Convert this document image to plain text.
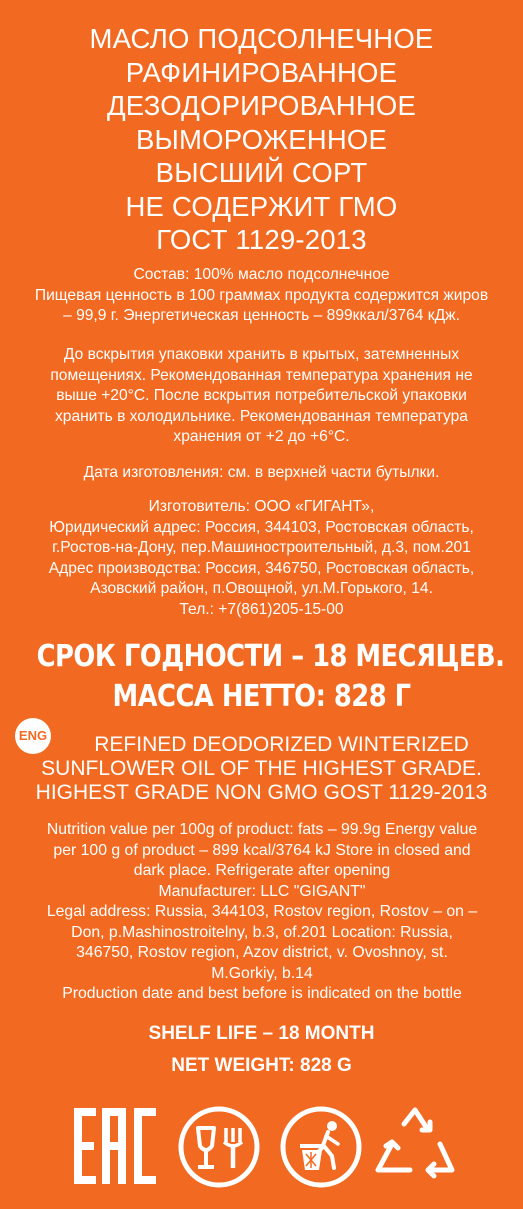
МАСЛО ПОДСОЛНЕЧНОЕ
РАФИНИРОВАННОЕ
ДЕЗОДОРИРОВАННОЕ
ВЫМОРОЖЕННОЕ
ВЫСШИЙ СОРТ
НЕ СОДЕРЖИТ ГМО
ГОСТ 1129-2013
Состав: 100% масло подсолнечное
Пищевая ценность в 100 граммах продукта содержится жиров
– 99,9 г. Энергетическая ценность – 899ккал/3764 кДж.
До вскрытия упаковки хранить в крытых, затемненных
помещениях. Рекомендованная температура хранения не
выше +20°С. После вскрытия потребительской упаковки
хранить в холодильнике. Рекомендованная температура
хранения от +2 до +6°С.
Дата изготовления: см. в верхней части бутылки.
Изготовитель: ООО «ГИГАНТ»,
Юридический адрес: Россия, 344103, Ростовская область,
г.Ростов-на-Дону, пер.Машиностроительный, д.3, пом.201
Адрес производства: Россия, 346750, Ростовская область,
Азовский район, п.Овощной, ул.М.Горького, 14.
Тел.: +7(861)205-15-00
СРОК ГОДНОСТИ – 18 МЕСЯЦЕВ.
МАССА НЕТТО: 828 Г
ENG	REFINED DEODORIZED WINTERIZED
SUNFLOWER OIL OF THE HIGHEST GRADE.
HIGHEST GRADE NON GMO GOST 1129-2013
Nutrition value per 100g of product: fats – 99.9g Energy value
per 100 g of product – 899 kcal/3764 kJ Store in closed and
dark place. Refrigerate after opening
Manufacturer: LLC "GIGANT"
Legal address: Russia, 344103, Rostov region, Rostov – on –
Don, p.Mashinostroitelny, b.3, of.201 Location: Russia,
346750, Rostov region, Azov district, v. Ovoshnoy, st.
M.Gorkiy, b.14
Production date and best before is indicated on the bottle
SHELF LIFE – 18 MONTH
NET WEIGHT: 828 G
